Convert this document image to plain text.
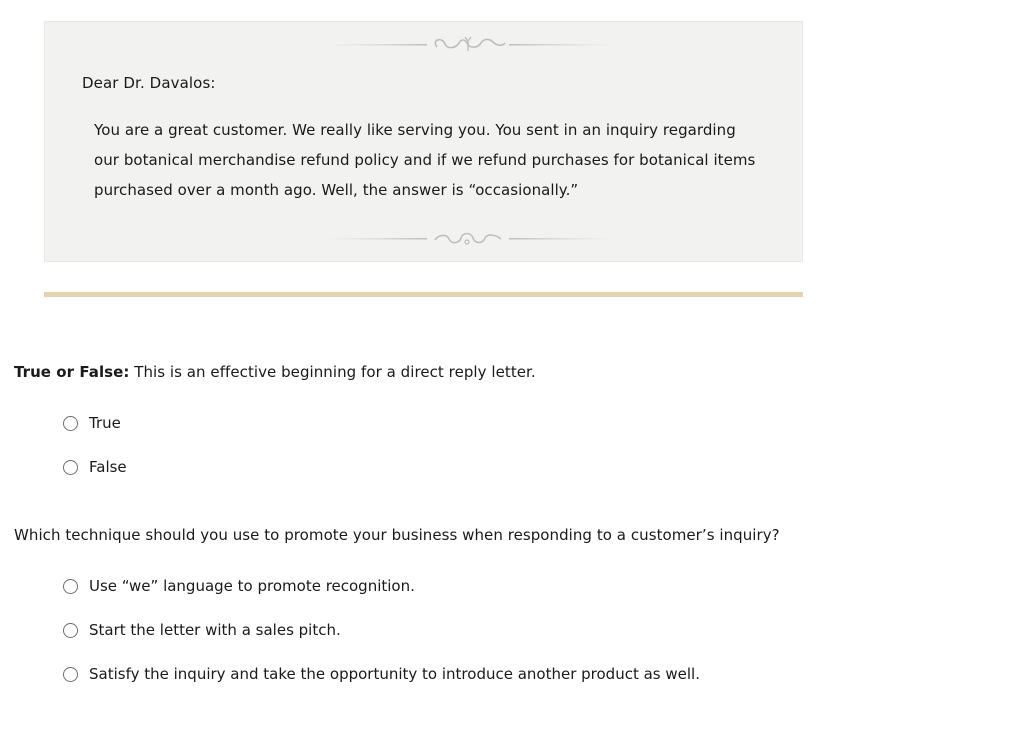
Dear Dr. Davalos:
You are a great customer. We really like serving you. You sent in an inquiry regarding
our botanical merchandise refund policy and if we refund purchases for botanical items
purchased over a month ago. Well, the answer is “occasionally.”
True or False: This is an effective beginning for a direct reply letter.
True
False
Which technique should you use to promote your business when responding to a customer’s inquiry?
Use “we” language to promote recognition.
Start the letter with a sales pitch.
Satisfy the inquiry and take the opportunity to introduce another product as well.
